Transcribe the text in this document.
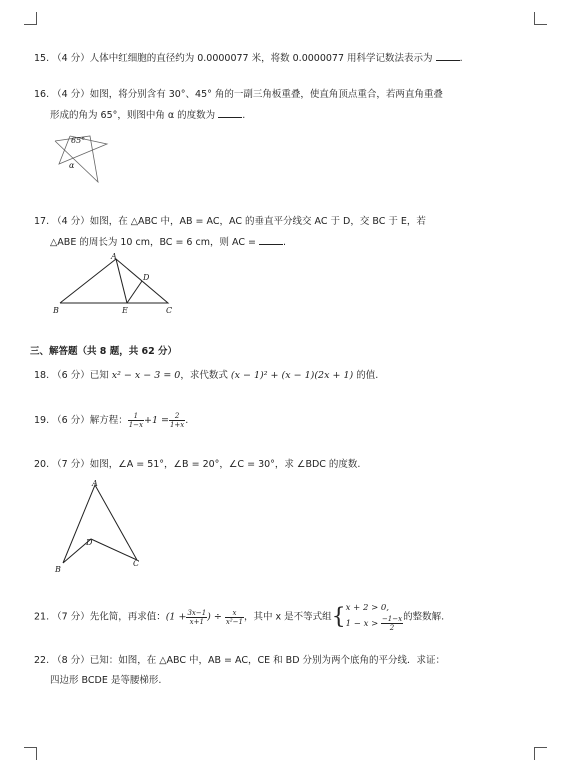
15. （4 分）人体中红细胞的直径约为 0.0000077 米，将数 0.0000077 用科学记数法表示为	.
16. （4 分）如图，将分别含有 30°、45° 角的一副三角板重叠，使直角顶点重合，若两直角重叠
形成的角为 65°，则图中角 α 的度数为	.
65°
α
17. （4 分）如图，在 △ABC 中，AB = AC，AC 的垂直平分线交 AC 于 D，交 BC 于 E，若
△ABE 的周长为 10 cm，BC = 6 cm，则 AC =	.
A
B	C
D
E
三、解答题（共 8 题，共 62 分）
18. （6 分）已知 x² − x − 3 = 0，求代数式 (x − 1)² + (x − 1)(2x + 1) 的值.
19. （6 分）解方程： $\frac{1}{1-x} +1 = \frac{2}{1+x}$ .
20. （7 分）如图，∠A = 51°，∠B = 20°，∠C = 30°，求 ∠BDC 的度数.
A
B
C
D
21. （7 分）先化简，再求值：($1 + \frac{3x-1}{x+1}$ ) ÷ $\frac{x}{\text{x²−1}}$ ，其中 x 是不等式组{ x + 2 > 0,
$1 - x > \frac{-1-x}{2}$ 的整数解.
22. （8 分）已知：如图，在 △ABC 中，AB = AC，CE 和 BD 分别为两个底角的平分线．求证：
四边形 BCDE 是等腰梯形.
